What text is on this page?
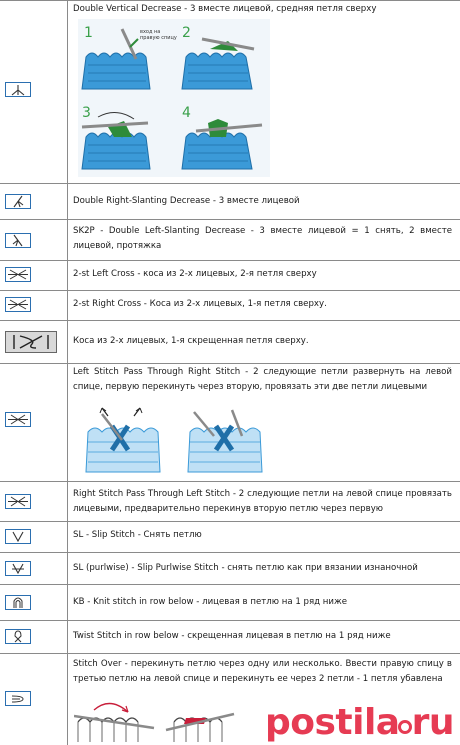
Double Vertical Decrease - 3 вместе лицевой, средняя петля сверху
1	вход на
правую спицу 2
3	4
Double Right-Slanting Decrease - 3 вместе лицевой
SK2P - Double Left-Slanting Decrease - 3 вместе лицевой = 1 снять, 2 вместе лицевой, протяжка
2-st Left Cross - коса из 2-х лицевых, 2-я петля сверху
2-st Right Cross - Коса из 2-х лицевых, 1-я петля сверху.
Коса из 2-х лицевых, 1-я скрещенная петля сверху.
Left Stitch Pass Through Right Stitch - 2 следующие петли развернуть на левой спице, первую перекинуть через вторую, провязать эти две петли лицевыми
Right Stitch Pass Through Left Stitch - 2 следующие петли на левой спице провязать лицевыми, предварительно перекинув вторую петлю через первую
SL - Slip Stitch - Снять петлю
SL (purlwise) - Slip Purlwise Stitch - снять петлю как при вязании изнаночной
KB - Knit stitch in row below - лицевая в петлю на 1 ряд ниже
Twist Stitch in row below - скрещенная лицевая в петлю на 1 ряд ниже
Stitch Over - перекинуть петлю через одну или несколько. Ввести правую спицу в третью петлю на левой спице и перекинуть ее через 2 петли - 1 петля убавлена
postila ru
